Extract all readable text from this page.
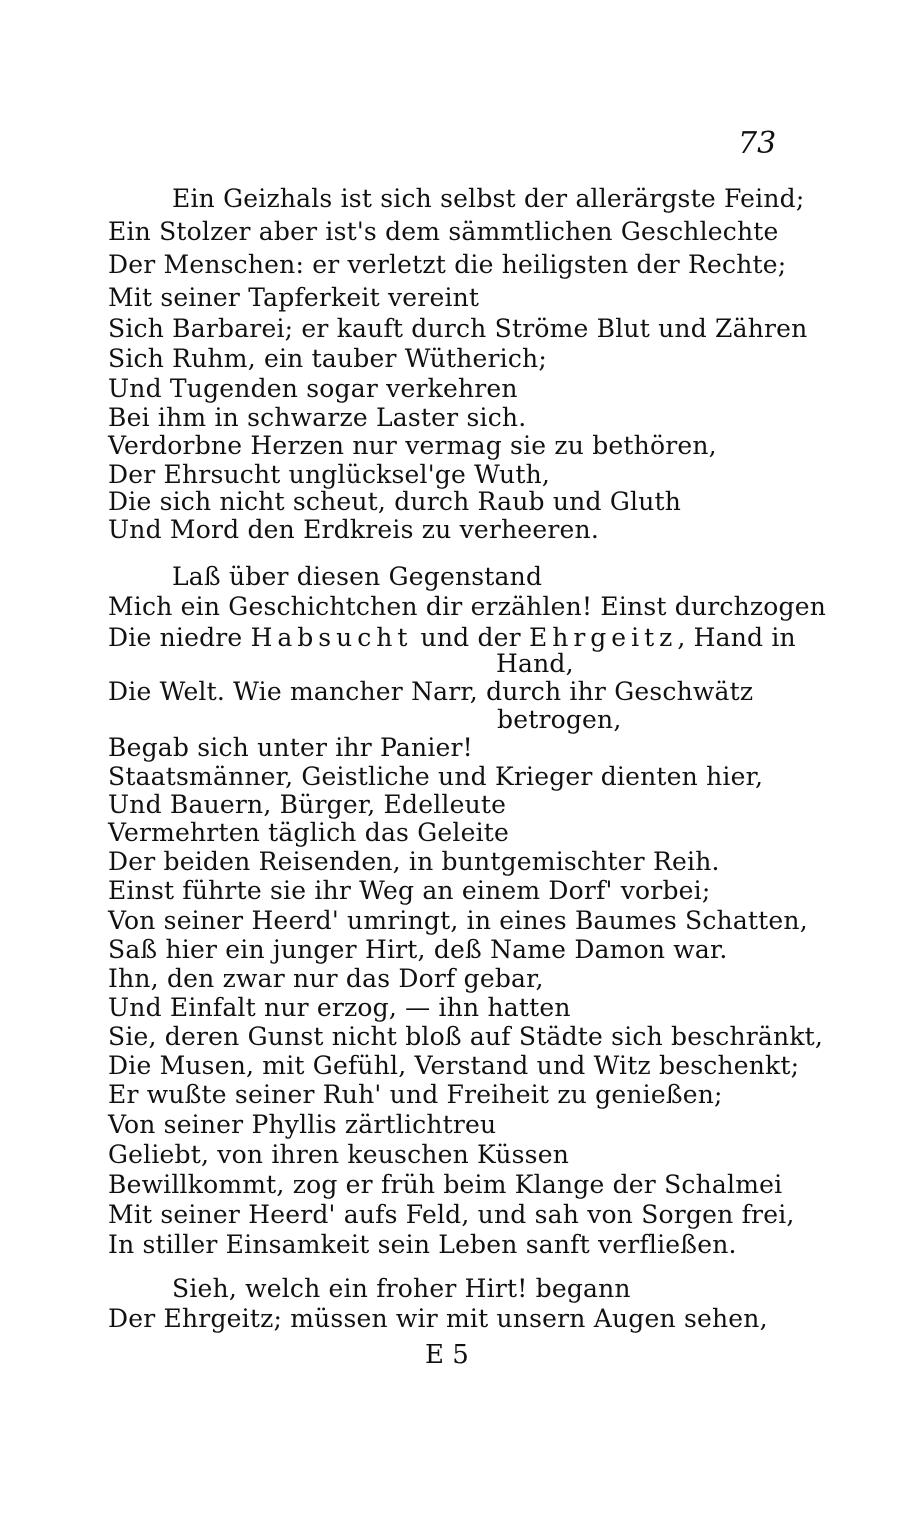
73
Ein Geizhals ist sich selbst der allerärgste Feind;
Ein Stolzer aber ist's dem sämmtlichen Geschlechte
Der Menschen: er verletzt die heiligsten der Rechte;
Mit seiner Tapferkeit vereint
Sich Barbarei; er kauft durch Ströme Blut und Zähren
Sich Ruhm, ein tauber Wütherich;
Und Tugenden sogar verkehren
Bei ihm in schwarze Laster sich.
Verdorbne Herzen nur vermag sie zu bethören,
Der Ehrsucht unglücksel'ge Wuth,
Die sich nicht scheut, durch Raub und Gluth
Und Mord den Erdkreis zu verheeren.
Laß über diesen Gegenstand
Mich ein Geschichtchen dir erzählen! Einst durchzogen
Die niedre Habsucht und der Ehrgeitz, Hand in
Hand,
Die Welt. Wie mancher Narr, durch ihr Geschwätz
betrogen,
Begab sich unter ihr Panier!
Staatsmänner, Geistliche und Krieger dienten hier,
Und Bauern, Bürger, Edelleute
Vermehrten täglich das Geleite
Der beiden Reisenden, in buntgemischter Reih.
Einst führte sie ihr Weg an einem Dorf' vorbei;
Von seiner Heerd' umringt, in eines Baumes Schatten,
Saß hier ein junger Hirt, deß Name Damon war.
Ihn, den zwar nur das Dorf gebar,
Und Einfalt nur erzog, — ihn hatten
Sie, deren Gunst nicht bloß auf Städte sich beschränkt,
Die Musen, mit Gefühl, Verstand und Witz beschenkt;
Er wußte seiner Ruh' und Freiheit zu genießen;
Von seiner Phyllis zärtlichtreu
Geliebt, von ihren keuschen Küssen
Bewillkommt, zog er früh beim Klange der Schalmei
Mit seiner Heerd' aufs Feld, und sah von Sorgen frei,
In stiller Einsamkeit sein Leben sanft verfließen.
Sieh, welch ein froher Hirt! begann
Der Ehrgeitz; müssen wir mit unsern Augen sehen,
E 5
